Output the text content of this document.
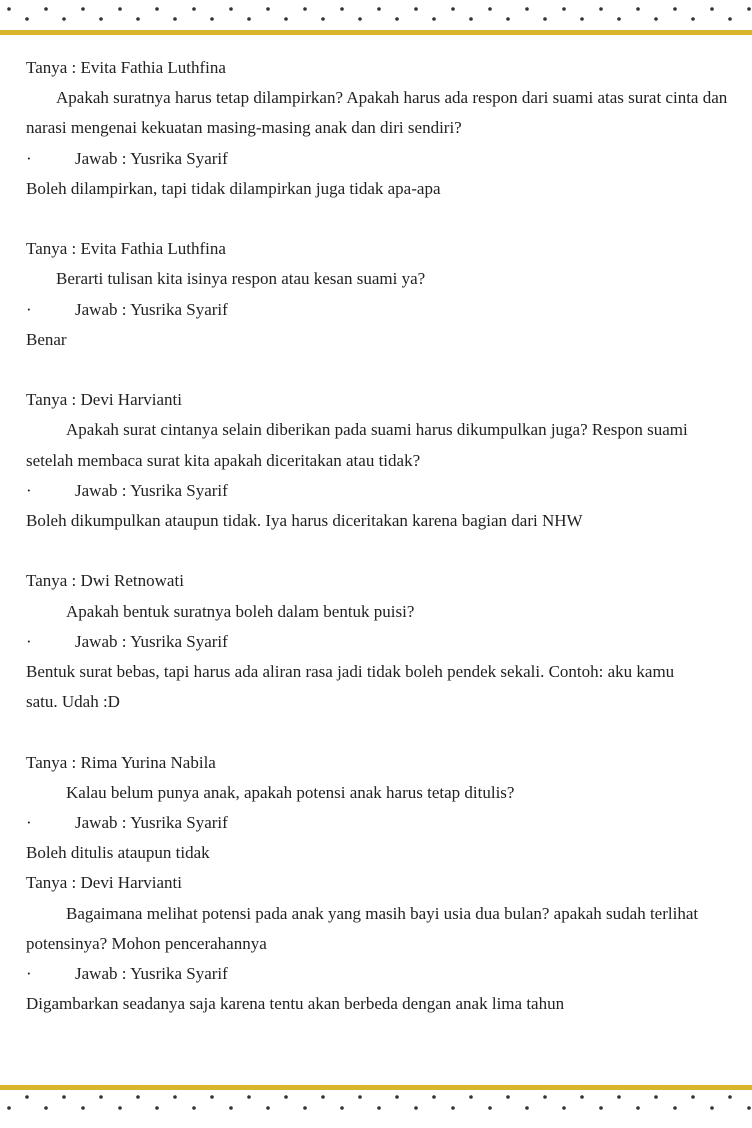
Tanya : Evita Fathia Luthfina
Apakah suratnya harus tetap dilampirkan? Apakah harus ada respon dari suami atas surat cinta dan narasi mengenai kekuatan masing-masing anak dan diri sendiri?
·	Jawab : Yusrika Syarif
Boleh dilampirkan, tapi tidak dilampirkan juga tidak apa-apa
Tanya : Evita Fathia Luthfina
Berarti tulisan kita isinya respon atau kesan suami ya?
·	Jawab : Yusrika Syarif
Benar
Tanya : Devi Harvianti
Apakah surat cintanya selain diberikan pada suami harus dikumpulkan juga? Respon suami setelah membaca surat kita apakah diceritakan atau tidak?
·	Jawab : Yusrika Syarif
Boleh dikumpulkan ataupun tidak. Iya harus diceritakan karena bagian dari NHW
Tanya : Dwi Retnowati
Apakah bentuk suratnya boleh dalam bentuk puisi?
·	Jawab : Yusrika Syarif
Bentuk surat bebas, tapi harus ada aliran rasa jadi tidak boleh pendek sekali. Contoh: aku kamu
satu. Udah :D
Tanya : Rima Yurina Nabila
Kalau belum punya anak, apakah potensi anak harus tetap ditulis?
·	Jawab : Yusrika Syarif
Boleh ditulis ataupun tidak
Tanya : Devi Harvianti
Bagaimana melihat potensi pada anak yang masih bayi usia dua bulan? apakah sudah terlihat potensinya? Mohon pencerahannya
·	Jawab : Yusrika Syarif
Digambarkan seadanya saja karena tentu akan berbeda dengan anak lima tahun
